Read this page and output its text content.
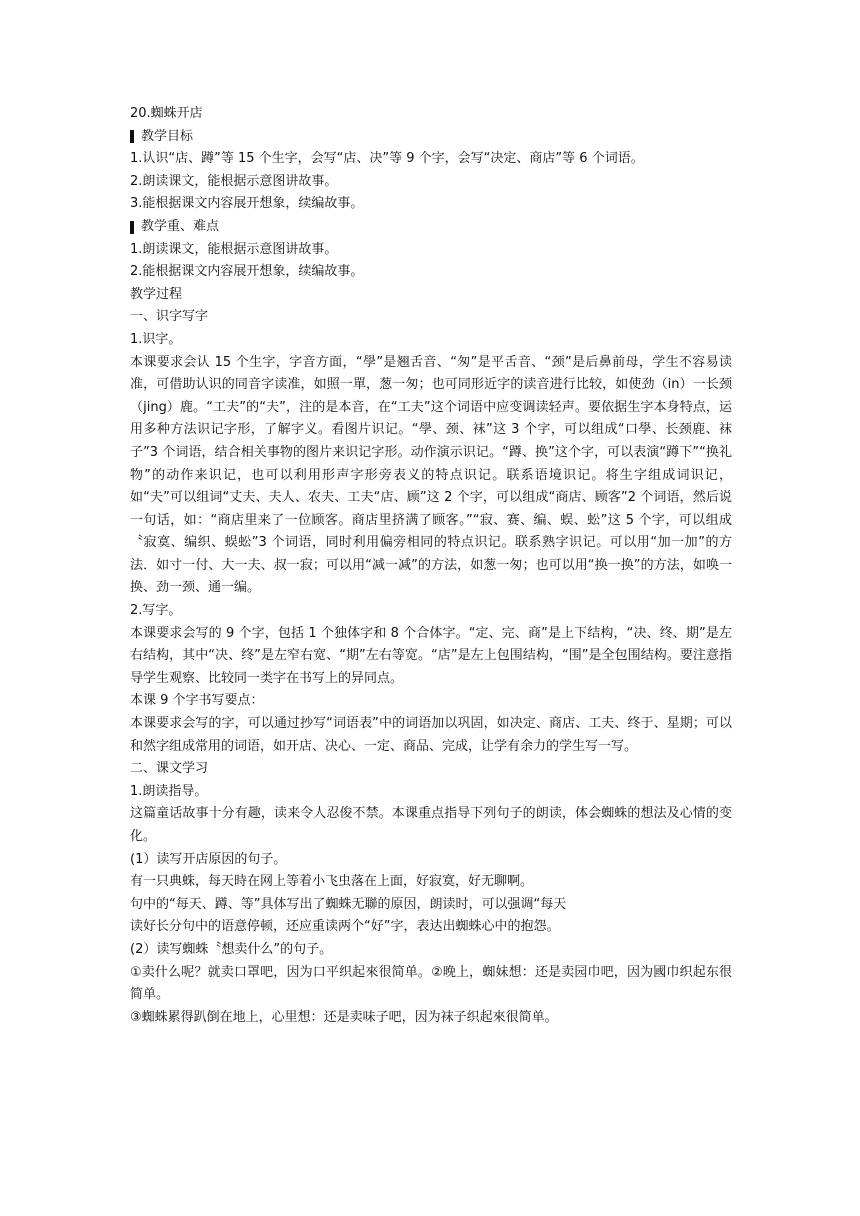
20.蜘蛛开店

教学目标

1.认识“店、蹲”等 15 个生字，会写“店、决”等 9 个字，会写“决定、商店”等 6 个词语。

2.朗读课文，能根据示意图讲故事。

3.能根据课文内容展开想象，续编故事。

教学重、难点

1.朗读课文，能根据示意图讲故事。

2.能根据课文内容展开想象，续编故事。

教学过程

一、识字写字

1.识字。

本课要求会认 15 个生字，字音方面，“學”是翘舌音、“匆”是平舌音、“颈”是后鼻前母，学生不容易读准，可借助认识的同音字读准，如照一單，葱一匆；也可同形近字的读音进行比较，如使劲（in）一长颈（jing）鹿。“工夫”的“夫”，注的是本音，在“工夫”这个词语中应变调读轻声。要依据生字本身特点，运用多种方法识记字形，了解字义。看图片识记。“學、颈、袜”这 3 个字，可以组成“口學、长颈鹿、袜子”3 个词语，结合相关事物的图片来识记字形。动作演示识记。“蹲、换”这个字，可以表演“蹲下”“换礼物”的动作来识记，也可以利用形声字形旁表义的特点识记。联系语境识记。将生字组成词识记，如“夫”可以组词“丈夫、夫人、农夫、工夫“店、顾”这 2 个字，可以组成“商店、顾客”2 个词语，然后说一句话，如：“商店里来了一位顾客。商店里挤满了顾客。”“寂、赛、编、蜈、蚣”这 5 个字，可以组成〝寂寞、编织、蜈蚣”3 个词语，同时利用偏旁相同的特点识记。联系熟字识记。可以用“加一加”的方法．如寸一付、大一夫、叔一寂；可以用“减一减”的方法，如葱一匆；也可以用“换一换”的方法，如唤一换、劲一颈、通一编。

2.写字。

本课要求会写的 9 个字，包括 1 个独体字和 8 个合体字。“定、完、商”是上下结构，“决、终、期”是左右结构，其中“决、终”是左窄右宽、“期”左右等宽。“店”是左上包围结构，“围”是全包围结构。要注意指导学生观察、比较同一类字在书写上的异同点。

本课 9 个字书写要点：

本课要求会写的字，可以通过抄写“词语表”中的词语加以巩固，如决定、商店、工夫、终于、星期；可以和然字组成常用的词语，如开店、决心、一定、商品、完成，让学有余力的学生写一写。

二、课文学习

1.朗读指导。

这篇童话故事十分有趣，读来令人忍俊不禁。本课重点指导下列句子的朗读，体会蜘蛛的想法及心情的变化。

(1）读写开店原因的句子。

有一只典蛛，每天時在网上等着小飞虫落在上面，好寂寞，好无聊啊。

句中的“每天、蹲、等”具体写出了蜘蛛无聯的原因，朗读时，可以强调“每天

读好长分句中的语意停顿，还应重读两个“好”字，表达出蜘蛛心中的抱怨。

(2）读写蜘蛛〝想卖什么”的句子。

①卖什么呢？就卖口罩吧，因为口平织起來很简单。②晚上，蜘妹想：还是卖园巾吧，因为國巾织起东很简单。

③蜘蛛累得趴倒在地上，心里想：还是卖味子吧，因为袜子织起來很简单。
